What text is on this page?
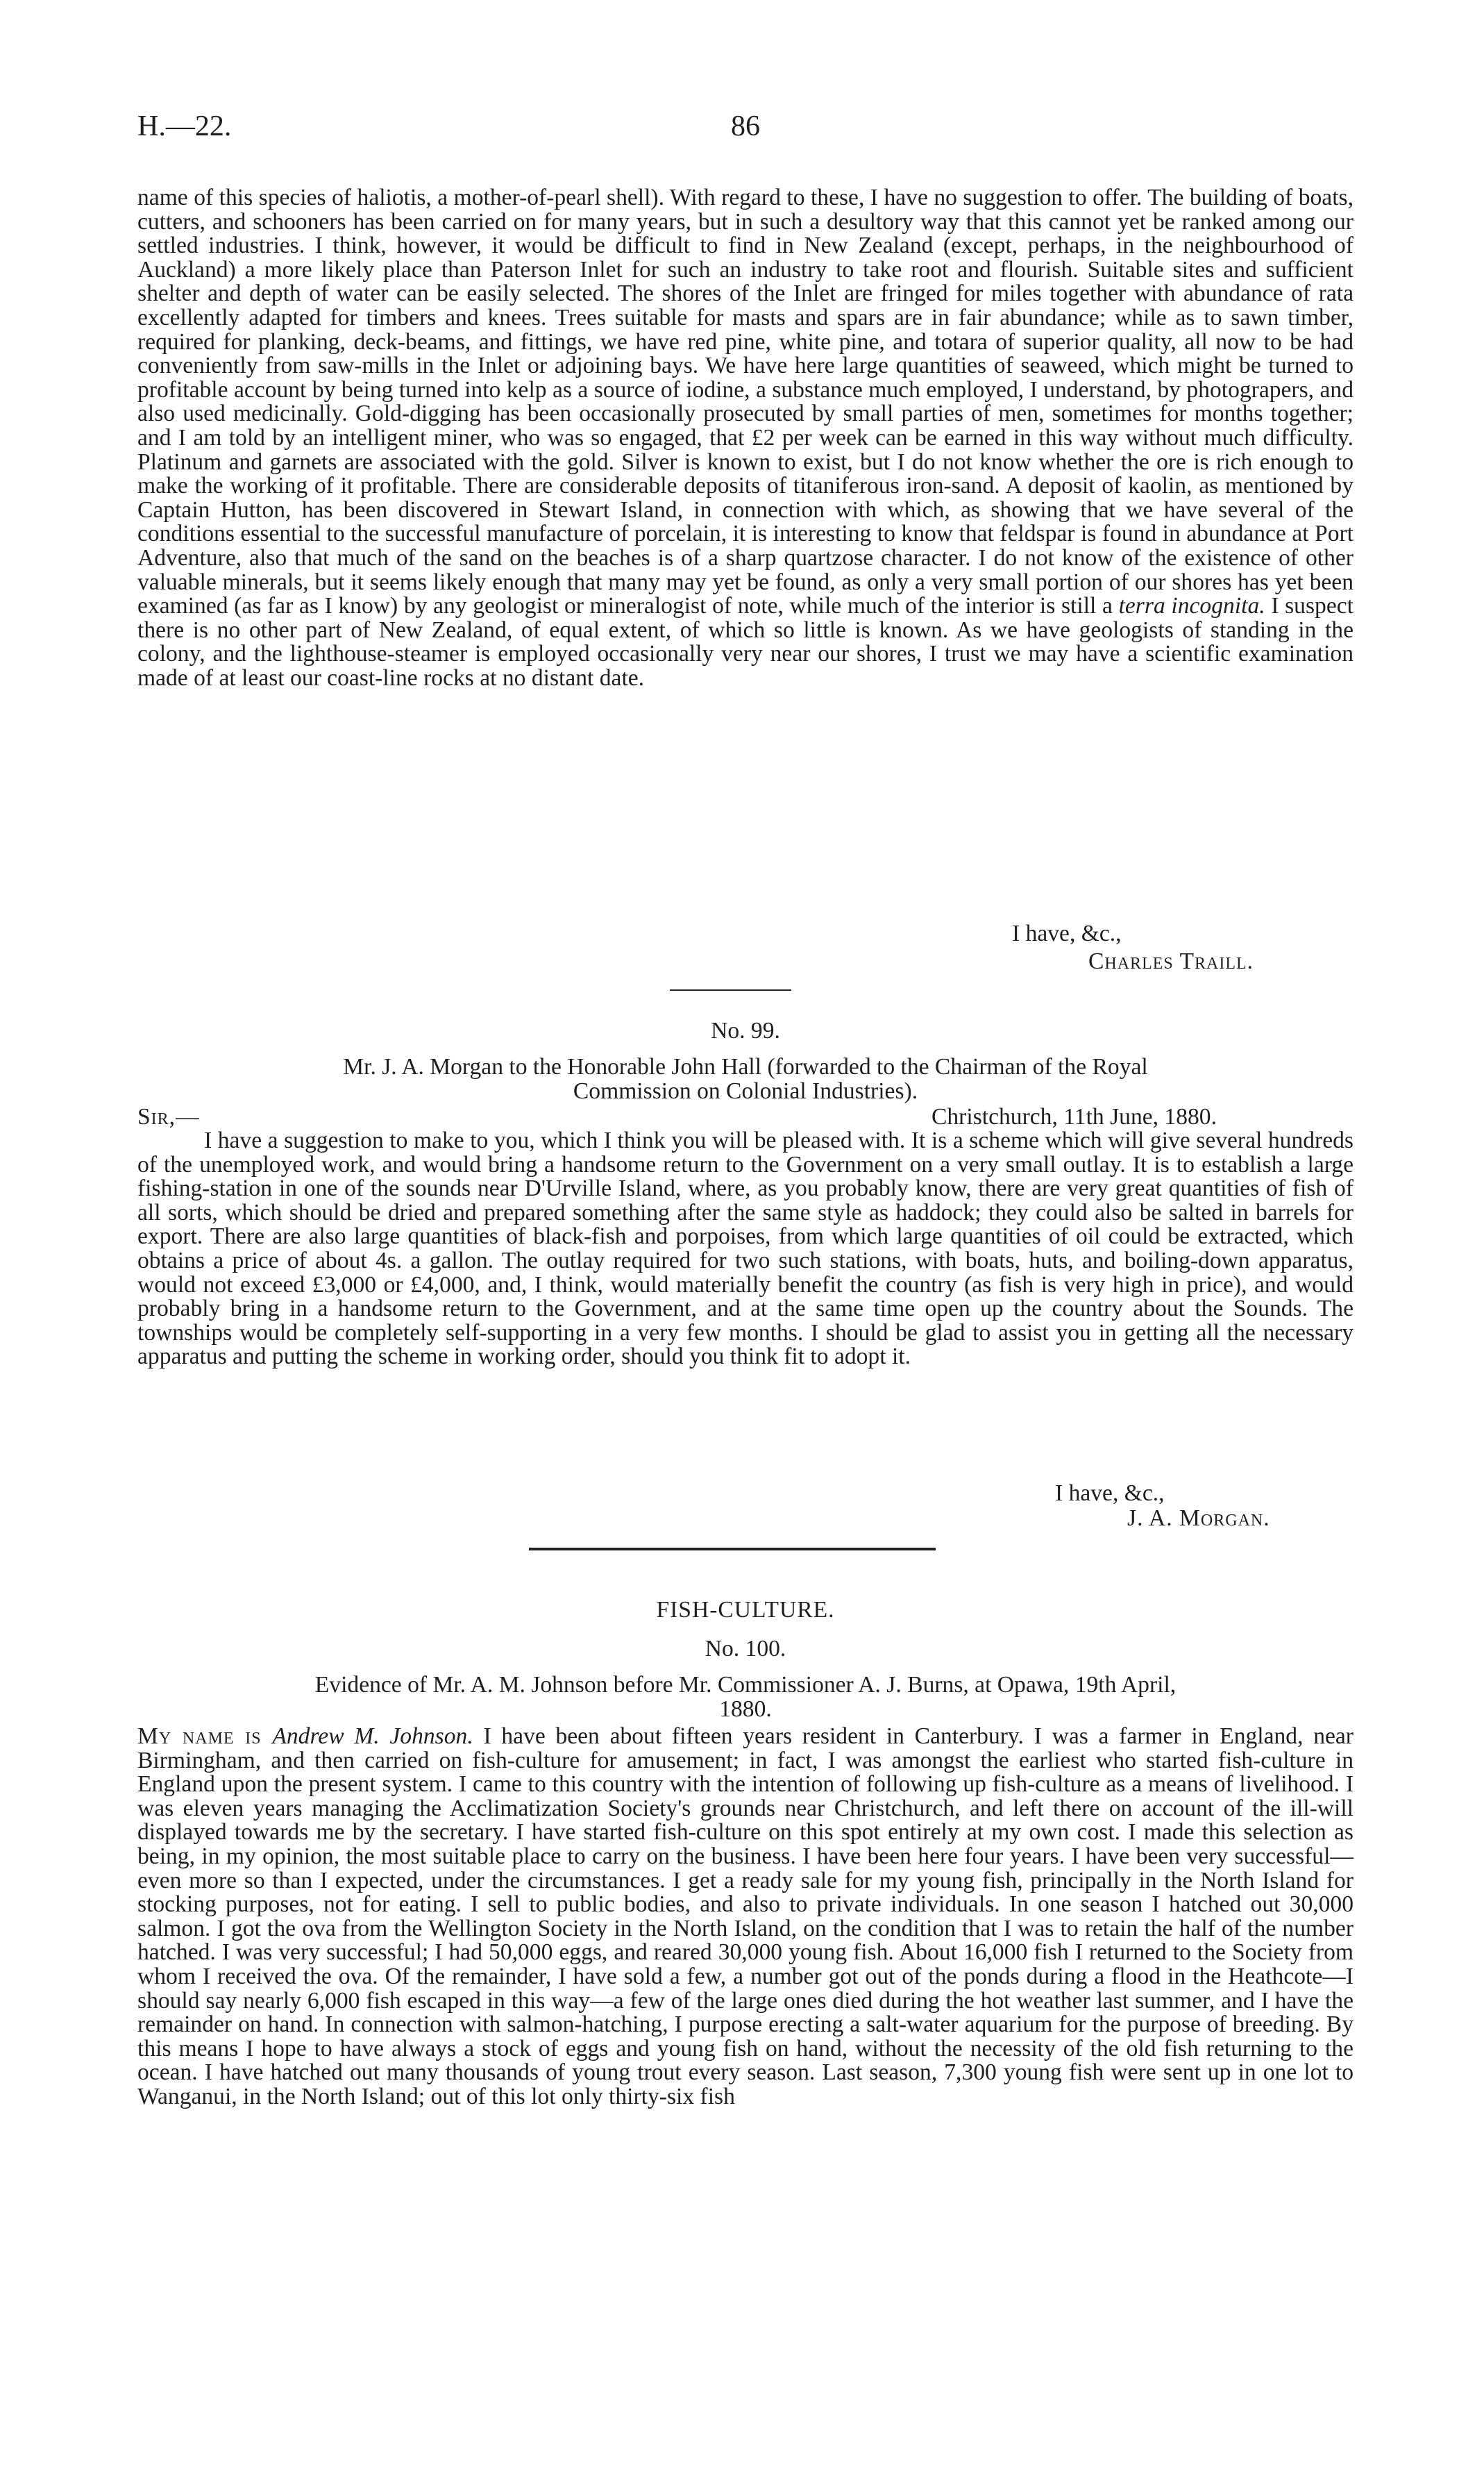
H.—22.	86
name of this species of haliotis, a mother-of-pearl shell). With regard to these, I have no suggestion to offer. The building of boats, cutters, and schooners has been carried on for many years, but in such a desultory way that this cannot yet be ranked among our settled industries. I think, however, it would be difficult to find in New Zealand (except, perhaps, in the neighbourhood of Auckland) a more likely place than Paterson Inlet for such an industry to take root and flourish. Suitable sites and sufficient shelter and depth of water can be easily selected. The shores of the Inlet are fringed for miles together with abundance of rata excellently adapted for timbers and knees. Trees suitable for masts and spars are in fair abundance; while as to sawn timber, required for planking, deck-beams, and fittings, we have red pine, white pine, and totara of superior quality, all now to be had conveniently from saw-mills in the Inlet or adjoining bays. We have here large quantities of seaweed, which might be turned to profitable account by being turned into kelp as a source of iodine, a substance much employed, I understand, by photograpers, and also used medicinally. Gold-digging has been occasionally prosecuted by small parties of men, sometimes for months together; and I am told by an intelligent miner, who was so engaged, that £2 per week can be earned in this way without much difficulty. Platinum and garnets are associated with the gold. Silver is known to exist, but I do not know whether the ore is rich enough to make the working of it profitable. There are considerable deposits of titaniferous iron-sand. A deposit of kaolin, as mentioned by Captain Hutton, has been discovered in Stewart Island, in connection with which, as showing that we have several of the conditions essential to the successful manufacture of porcelain, it is interesting to know that feldspar is found in abundance at Port Adventure, also that much of the sand on the beaches is of a sharp quartzose character. I do not know of the existence of other valuable minerals, but it seems likely enough that many may yet be found, as only a very small portion of our shores has yet been examined (as far as I know) by any geologist or mineralogist of note, while much of the interior is still a terra incognita. I suspect there is no other part of New Zealand, of equal extent, of which so little is known. As we have geologists of standing in the colony, and the lighthouse-steamer is employed occasionally very near our shores, I trust we may have a scientific examination made of at least our coast-line rocks at no distant date.
I have, &c.,
Charles Traill.
No. 99.
Mr. J. A. Morgan to the Honorable John Hall (forwarded to the Chairman of the Royal
Commission on Colonial Industries).
Sir,—	Christchurch, 11th June, 1880.
I have a suggestion to make to you, which I think you will be pleased with. It is a scheme which will give several hundreds of the unemployed work, and would bring a handsome return to the Government on a very small outlay. It is to establish a large fishing-station in one of the sounds near D'Urville Island, where, as you probably know, there are very great quantities of fish of all sorts, which should be dried and prepared something after the same style as haddock; they could also be salted in barrels for export. There are also large quantities of black-fish and porpoises, from which large quantities of oil could be extracted, which obtains a price of about 4s. a gallon. The outlay required for two such stations, with boats, huts, and boiling-down apparatus, would not exceed £3,000 or £4,000, and, I think, would materially benefit the country (as fish is very high in price), and would probably bring in a handsome return to the Government, and at the same time open up the country about the Sounds. The townships would be completely self-supporting in a very few months. I should be glad to assist you in getting all the necessary apparatus and putting the scheme in working order, should you think fit to adopt it.
I have, &c.,
J. A. Morgan.
FISH-CULTURE.
No. 100.
Evidence of Mr. A. M. Johnson before Mr. Commissioner A. J. Burns, at Opawa, 19th April,
1880.
My name is Andrew M. Johnson. I have been about fifteen years resident in Canterbury. I was a farmer in England, near Birmingham, and then carried on fish-culture for amusement; in fact, I was amongst the earliest who started fish-culture in England upon the present system. I came to this country with the intention of following up fish-culture as a means of livelihood. I was eleven years managing the Acclimatization Society's grounds near Christchurch, and left there on account of the ill-will displayed towards me by the secretary. I have started fish-culture on this spot entirely at my own cost. I made this selection as being, in my opinion, the most suitable place to carry on the business. I have been here four years. I have been very successful—even more so than I expected, under the circumstances. I get a ready sale for my young fish, principally in the North Island for stocking purposes, not for eating. I sell to public bodies, and also to private individuals. In one season I hatched out 30,000 salmon. I got the ova from the Wellington Society in the North Island, on the condition that I was to retain the half of the number hatched. I was very successful; I had 50,000 eggs, and reared 30,000 young fish. About 16,000 fish I returned to the Society from whom I received the ova. Of the remainder, I have sold a few, a number got out of the ponds during a flood in the Heathcote—I should say nearly 6,000 fish escaped in this way—a few of the large ones died during the hot weather last summer, and I have the remainder on hand. In connection with salmon-hatching, I purpose erecting a salt-water aquarium for the purpose of breeding. By this means I hope to have always a stock of eggs and young fish on hand, without the necessity of the old fish returning to the ocean. I have hatched out many thousands of young trout every season. Last season, 7,300 young fish were sent up in one lot to Wanganui, in the North Island; out of this lot only thirty-six fish
